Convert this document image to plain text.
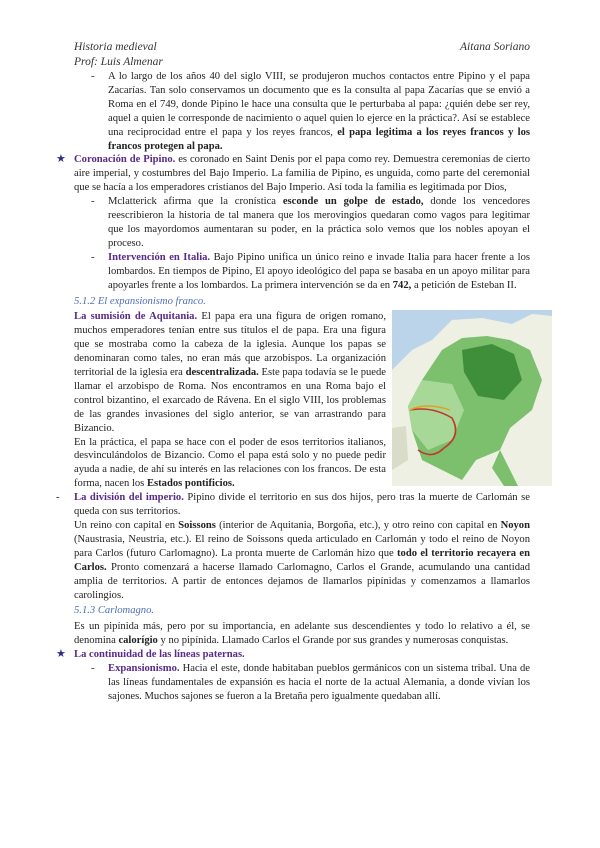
Historia medieval
Prof: Luis Almenar
Aitana Soriano
- A lo largo de los años 40 del siglo VIII, se produjeron muchos contactos entre Pipino y el papa Zacarías. Tan solo conservamos un documento que es la consulta al papa Zacarías que se envió a Roma en el 749, donde Pipino le hace una consulta que le perturbaba al papa: ¿quién debe ser rey, aquel a quien le corresponde de nacimiento o aquel quien lo ejerce en la práctica?. Así se establece una reciprocidad entre el papa y los reyes francos, el papa legitima a los reyes francos y los francos protegen al papa.
★ Coronación de Pipino. es coronado en Saint Denis por el papa como rey. Demuestra ceremonias de cierto aire imperial, y costumbres del Bajo Imperio. La familia de Pipino, es unguida, como parte del ceremonial que se hacía a los emperadores cristianos del Bajo Imperio. Así toda la familia es legitimada por Dios,
- Mclatterick afirma que la cronística esconde un golpe de estado, donde los vencedores reescribieron la historia de tal manera que los merovingios quedaran como vagos para legitimar que los mayordomos aumentaran su poder, en la práctica solo vemos que los nobles apoyan el proceso.
- Intervención en Italia. Bajo Pipino unifica un único reino e invade Italia para hacer frente a los lombardos. En tiempos de Pipino, El apoyo ideológico del papa se basaba en un apoyo militar para apoyarles frente a los lombardos. La primera intervención se da en 742, a petición de Esteban II.
5.1.2 El expansionismo franco.
La sumisión de Aquitania. El papa era una figura de origen romano, muchos emperadores tenían entre sus títulos el de papa. Era una figura que se mostraba como la cabeza de la iglesia. Aunque los papas se denominaran como tales, no eran más que arzobispos. La organización territorial de la iglesia era descentralizada. Este papa todavía se le puede llamar el arzobispo de Roma. Nos encontramos en una Roma bajo el control bizantino, el exarcado de Rávena. En el siglo VIII, los problemas de las grandes invasiones del siglo anterior, se van arrastrando para Bizancio.
En la práctica, el papa se hace con el poder de esos territorios italianos, desvinculándolos de Bizancio. Como el papa está solo y no puede pedir ayuda a nadie, de ahí su interés en las relaciones con los francos. De esta forma, nacen los Estados pontificios.
- La división del imperio. Pipino divide el territorio en sus dos hijos, pero tras la muerte de Carlomán se queda con sus territorios.
Un reino con capital en Soissons (interior de Aquitania, Borgoña, etc.), y otro reino con capital en Noyon (Naustrasia, Neustria, etc.). El reino de Soissons queda articulado en Carlomán y todo el reino de Noyon para Carlos (futuro Carlomagno). La pronta muerte de Carlomán hizo que todo el territorio recayera en Carlos. Pronto comenzará a hacerse llamado Carlomagno, Carlos el Grande, acumulando una cantidad amplia de territorios. A partir de entonces dejamos de llamarlos pipínidas y comenzamos a llamarlos carolingios.
5.1.3 Carlomagno.
Es un pipínida más, pero por su importancia, en adelante sus descendientes y todo lo relativo a él, se denomina calorígio y no pipínida. Llamado Carlos el Grande por sus grandes y numerosas conquistas.
★ La continuidad de las líneas paternas.
- Expansionismo. Hacia el este, donde habitaban pueblos germánicos con un sistema tribal. Una de las líneas fundamentales de expansión es hacia el norte de la actual Alemania, a donde vivían los sajones. Muchos sajones se fueron a la Bretaña pero igualmente quedaban allí.
